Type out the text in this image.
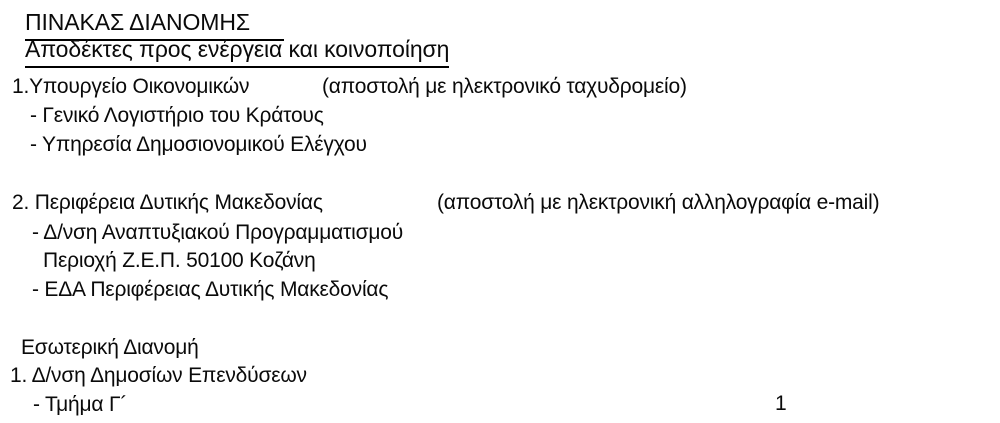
ΠΙΝΑΚΑΣ ΔΙΑΝΟΜΗΣ
Αποδέκτες προς ενέργεια και κοινοποίηση
1.Υπουργείο Οικονομικών	(αποστολή με ηλεκτρονικό ταχυδρομείο)
- Γενικό Λογιστήριο του Κράτους
- Υπηρεσία Δημοσιονομικού Ελέγχου
2. Περιφέρεια Δυτικής Μακεδονίας	(αποστολή με ηλεκτρονική αλληλογραφία e-mail)
- Δ/νση Αναπτυξιακού Προγραμματισμού
Περιοχή Ζ.Ε.Π. 50100 Κοζάνη
- ΕΔΑ Περιφέρειας Δυτικής Μακεδονίας
Εσωτερική Διανομή
1. Δ/νση Δημοσίων Επενδύσεων
- Τμήμα Γ´	1
